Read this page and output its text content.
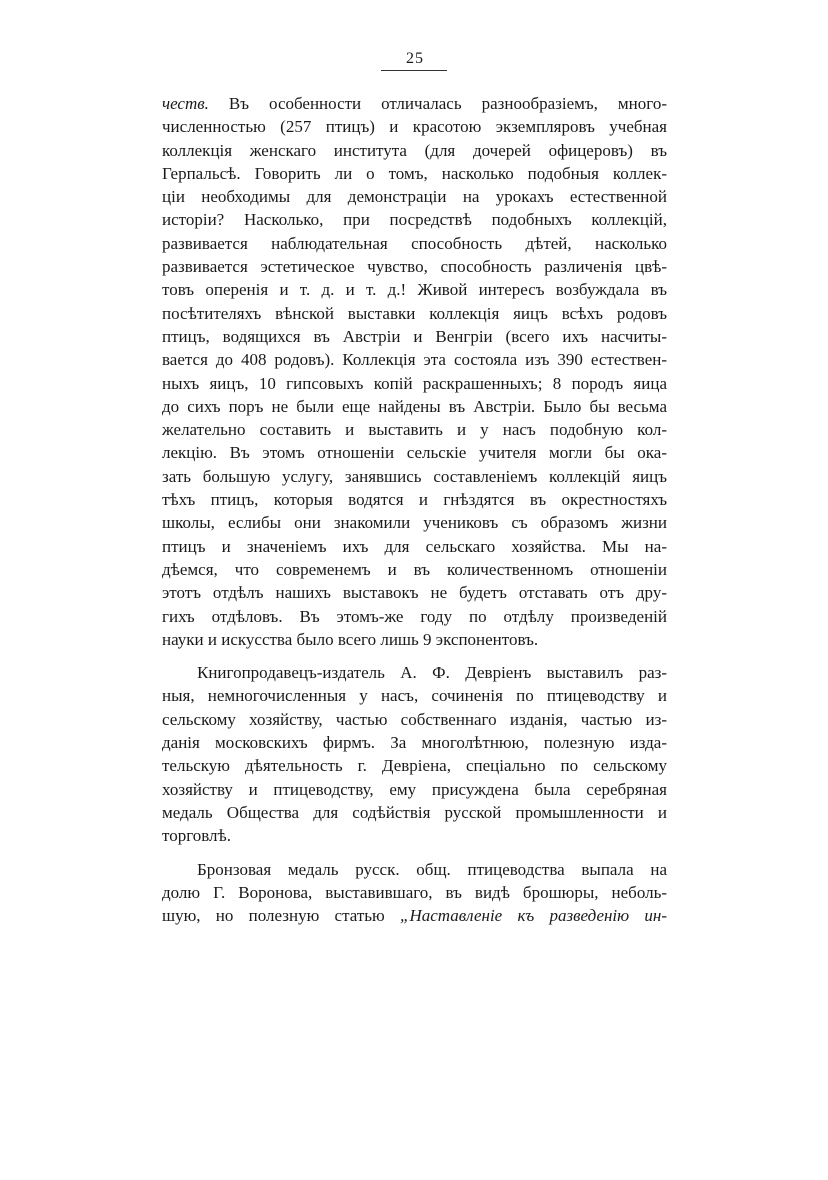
25
честв. Въ особенности отличалась разнообразіемъ, много-
численностью (257 птицъ) и красотою экземпляровъ учебная
коллекція женскаго института (для дочерей офицеровъ) въ
Герпальсѣ. Говорить ли о томъ, насколько подобныя коллек-
ціи необходимы для демонстраціи на урокахъ естественной
исторіи? Насколько, при посредствѣ подобныхъ коллекцій,
развивается наблюдательная способность дѣтей, насколько
развивается эстетическое чувство, способность различенія цвѣ-
товъ оперенія и т. д. и т. д.! Живой интересъ возбуждала въ
посѣтителяхъ вѣнской выставки коллекція яицъ всѣхъ родовъ
птицъ, водящихся въ Австріи и Венгріи (всего ихъ насчиты-
вается до 408 родовъ). Коллекція эта состояла изъ 390 естествен-
ныхъ яицъ, 10 гипсовыхъ копій раскрашенныхъ; 8 породъ яица
до сихъ поръ не были еще найдены въ Австріи. Было бы весьма
желательно составить и выставить и у насъ подобную кол-
лекцію. Въ этомъ отношеніи сельскіе учителя могли бы ока-
зать большую услугу, занявшись составленіемъ коллекцій яицъ
тѣхъ птицъ, которыя водятся и гнѣздятся въ окрестностяхъ
школы, еслибы они знакомили учениковъ съ образомъ жизни
птицъ и значеніемъ ихъ для сельскаго хозяйства. Мы на-
дѣемся, что современемъ и въ количественномъ отношеніи
этотъ отдѣлъ нашихъ выставокъ не будетъ отставать отъ дру-
гихъ отдѣловъ. Въ этомъ-же году по отдѣлу произведеній
науки и искусства было всего лишь 9 экспонентовъ.
Книгопродавецъ-издатель А. Ф. Девріенъ выставилъ раз-
ныя, немногочисленныя у насъ, сочиненія по птицеводству и
сельскому хозяйству, частью собственнаго изданія, частью из-
данія московскихъ фирмъ. За многолѣтнюю, полезную изда-
тельскую дѣятельность г. Девріена, спеціально по сельскому
хозяйству и птицеводству, ему присуждена была серебряная
медаль Общества для содѣйствія русской промышленности и
торговлѣ.
Бронзовая медаль русск. общ. птицеводства выпала на
долю Г. Воронова, выставившаго, въ видѣ брошюры, неболь-
шую, но полезную статью „Наставленіе къ разведенію ин-
